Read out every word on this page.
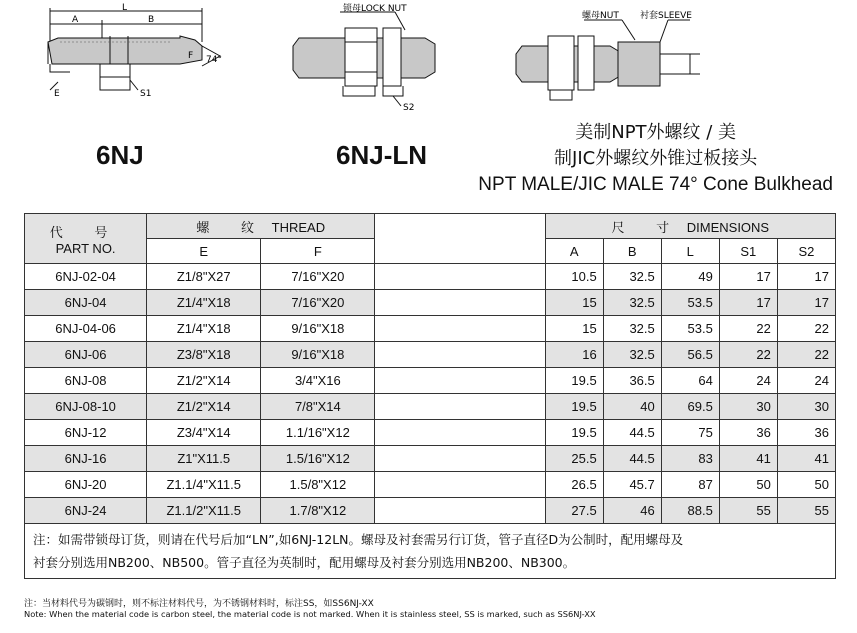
L
A	B
E	S1
F 74°
锁母LOCK NUT
S2
螺母NUT 衬套SLEEVE
6NJ	6NJ-LN
美制NPT外螺纹 / 美
制JIC外螺纹外锥过板接头
NPT MALE/JIC MALE 74° Cone Bulkhead
代 号
PART NO.	螺 纹 THREAD			尺 寸 DIMENSIONS				
	E	F		A	B	L	S1	S2
6NJ-02-04	Z1/8"X27	7/16"X20		10.5	32.5	49	17	17
6NJ-04	Z1/4"X18	7/16"X20		15	32.5	53.5	17	17
6NJ-04-06	Z1/4"X18	9/16"X18		15	32.5	53.5	22	22
6NJ-06	Z3/8"X18	9/16"X18		16	32.5	56.5	22	22
6NJ-08	Z1/2"X14	3/4"X16		19.5	36.5	64	24	24
6NJ-08-10	Z1/2"X14	7/8"X14		19.5	40	69.5	30	30
6NJ-12	Z3/4"X14	1.1/16"X12		19.5	44.5	75	36	36
6NJ-16	Z1"X11.5	1.5/16"X12		25.5	44.5	83	41	41
6NJ-20	Z1.1/4"X11.5	1.5/8"X12		26.5	45.7	87	50	50
6NJ-24	Z1.1/2"X11.5	1.7/8"X12		27.5	46	88.5	55	55

注：如需带锁母订货，则请在代号后加“LN”,如6NJ-12LN。螺母及衬套需另行订货，管子直径D为公制时，配用螺母及
衬套分别选用NB200、NB500。管子直径为英制时，配用螺母及衬套分别选用NB200、NB300。								
注：当材料代号为碳钢时，则不标注材料代号，为不锈钢材料时，标注SS，如SS6NJ-XX
Note: When the material code is carbon steel, the material code is not marked. When it is stainless steel, SS is marked, such as SS6NJ-XX
